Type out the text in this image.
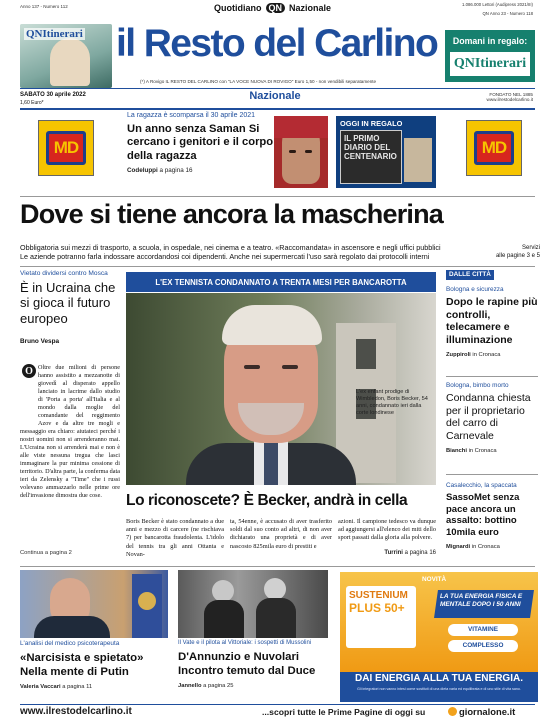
Anno 137 - Numero 112	Quotidiano QN Nazionale	1.086.000 Lettori (Audipress 2021/III)
QN Anno 23 - Numero 118
QNItinerari il Resto del Carlino	Domani in regalo:
QNItinerari
(*) A Rovigo IL RESTO DEL CARLINO con "LA VOCE NUOVA DI ROVIGO" Euro 1,50 - non vendibili separatamente
SABATO 30 aprile 2022
1,60 Euro*
Nazionale	FONDATO NEL 1885
www.ilrestodelcarlino.it
MD	MD
La ragazza è scomparsa il 30 aprile 2021
Un anno senza Saman Si cercano i genitori e il corpo della ragazza
Codeluppi a pagina 16
OGGI IN REGALO
IL PRIMO DIARIO DEL CENTENARIO
Dove si tiene ancora la mascherina
Obbligatoria sui mezzi di trasporto, a scuola, in ospedale, nei cinema e a teatro. «Raccomandata» in ascensore e negli uffici pubblici
Le aziende potranno farla indossare accordandosi coi dipendenti. Anche nei supermercati l'uso sarà regolato dai protocolli interni
Servizi
alle pagine 3 e 5
Vietato dividersi contro Mosca
È in Ucraina che si gioca il futuro europeo
Bruno Vespa
O Oltre due milioni di persone hanno assistito a mezzanotte di giovedì al disperato appello lanciato in lacrime dallo studio di 'Porta a porta' all'Italia e al mondo dalla moglie del comandante del reggimento Azov e da altre tre mogli e
messaggio era chiaro: aiutateci perché i nostri uomini non si arrenderanno mai. L'Ucraina non si arrenderà mai e non è alle viste nessuna tregua che lasci immaginare la pur minima cessione di territorio. D'altra parte, la conferma data ieri da Zelensky a "Time" che i russi volevano ammazzarlo nelle prime ore dell'invasione dimostra due cose.
Continua a pagina 2
L'EX TENNISTA CONDANNATO A TRENTA MESI PER BANCAROTTA
L'ex enfant prodige di Wimbledon, Boris Becker, 54 anni, condannato ieri dalla corte londinese
Lo riconoscete? È Becker, andrà in cella
Boris Becker è stato condannato a due anni e mezzo di carcere (ne rischiava 7) per bancarotta fraudolenta. L'idolo del tennis tra gli anni Ottanta e Novan-
ta, 54enne, è accusato di aver trasferito soldi dal suo conto ad altri, di non aver dichiarato una proprietà e di aver nascosto 825mila euro di prestiti e
azioni. Il campione tedesco va dunque ad aggiungersi all'elenco dei miti dello sport passati dalla gloria alla polvere.
Turrini a pagina 16
DALLE CITTÀ
Bologna e sicurezza
Dopo le rapine più controlli, telecamere e illuminazione
Zuppiroli in Cronaca
Bologna, bimbo morto
Condanna chiesta per il proprietario del carro di Carnevale
Bianchi in Cronaca
Casalecchio, la spaccata
SassoMet senza pace ancora un assalto: bottino 10mila euro
Mignardi in Cronaca
L'analisi del medico psicoterapeuta
«Narcisista e spietato» Nella mente di Putin
Valeria Vaccari a pagina 11
Il Vate e il pilota al Vittoriale: i sospetti di Mussolini
D'Annunzio e Nuvolari Incontro temuto dal Duce
Jannello a pagina 25
NOVITÀ
SUSTENIUM
PLUS 50+
LA TUA ENERGIA FISICA E MENTALE DOPO I 50 ANNI
VITAMINE
COMPLESSO
DAI ENERGIA ALLA TUA ENERGIA.
Gli integratori non vanno intesi come sostituti di una dieta varia ed equilibrata e di uno stile di vita sano.
www.ilrestodelcarlino.it	...scopri tutte le Prime Pagine di oggi su	giornalone.it
